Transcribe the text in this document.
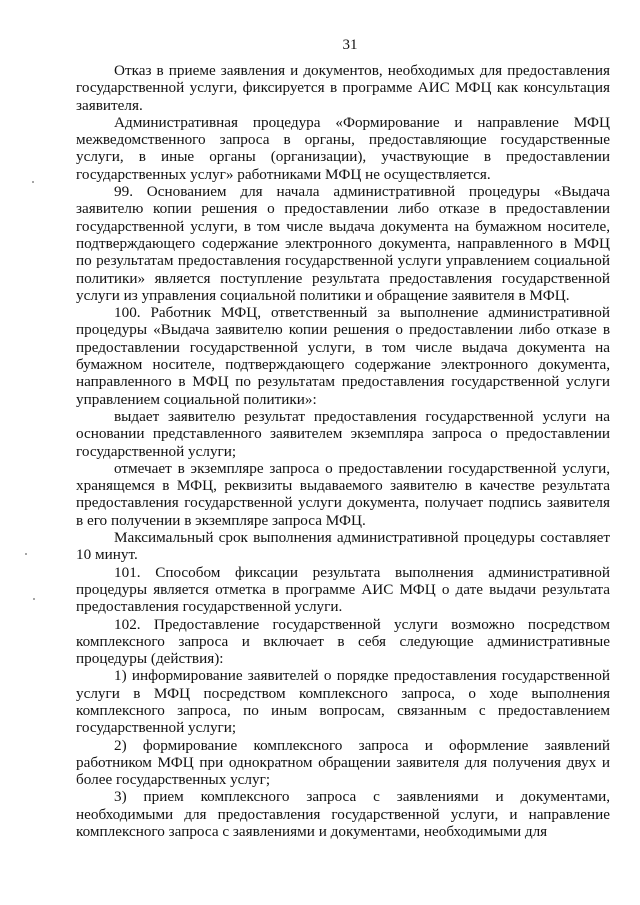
31

Отказ в приеме заявления и документов, необходимых для предоставления государственной услуги, фиксируется в программе АИС МФЦ как консультация заявителя.

Административная процедура «Формирование и направление МФЦ межведомственного запроса в органы, предоставляющие государственные услуги, в иные органы (организации), участвующие в предоставлении государственных услуг» работниками МФЦ не осуществляется.

99. Основанием для начала административной процедуры «Выдача заявителю копии решения о предоставлении либо отказе в предоставлении государственной услуги, в том числе выдача документа на бумажном носителе, подтверждающего содержание электронного документа, направленного в МФЦ по результатам предоставления государственной услуги управлением социальной политики» является поступление результата предоставления государственной услуги из управления социальной политики и обращение заявителя в МФЦ.

100. Работник МФЦ, ответственный за выполнение административной процедуры «Выдача заявителю копии решения о предоставлении либо отказе в предоставлении государственной услуги, в том числе выдача документа на бумажном носителе, подтверждающего содержание электронного документа, направленного в МФЦ по результатам предоставления государственной услуги управлением социальной политики»:

выдает заявителю результат предоставления государственной услуги на основании представленного заявителем экземпляра запроса о предоставлении государственной услуги;

отмечает в экземпляре запроса о предоставлении государственной услуги, хранящемся в МФЦ, реквизиты выдаваемого заявителю в качестве результата предоставления государственной услуги документа, получает подпись заявителя в его получении в экземпляре запроса МФЦ.

Максимальный срок выполнения административной процедуры составляет 10 минут.

101. Способом фиксации результата выполнения административной процедуры является отметка в программе АИС МФЦ о дате выдачи результата предоставления государственной услуги.

102. Предоставление государственной услуги возможно посредством комплексного запроса и включает в себя следующие административные процедуры (действия):

1) информирование заявителей о порядке предоставления государственной услуги в МФЦ посредством комплексного запроса, о ходе выполнения комплексного запроса, по иным вопросам, связанным с предоставлением государственной услуги;

2) формирование комплексного запроса и оформление заявлений работником МФЦ при однократном обращении заявителя для получения двух и более государственных услуг;

3) прием комплексного запроса с заявлениями и документами, необходимыми для предоставления государственной услуги, и направление комплексного запроса с заявлениями и документами, необходимыми для
